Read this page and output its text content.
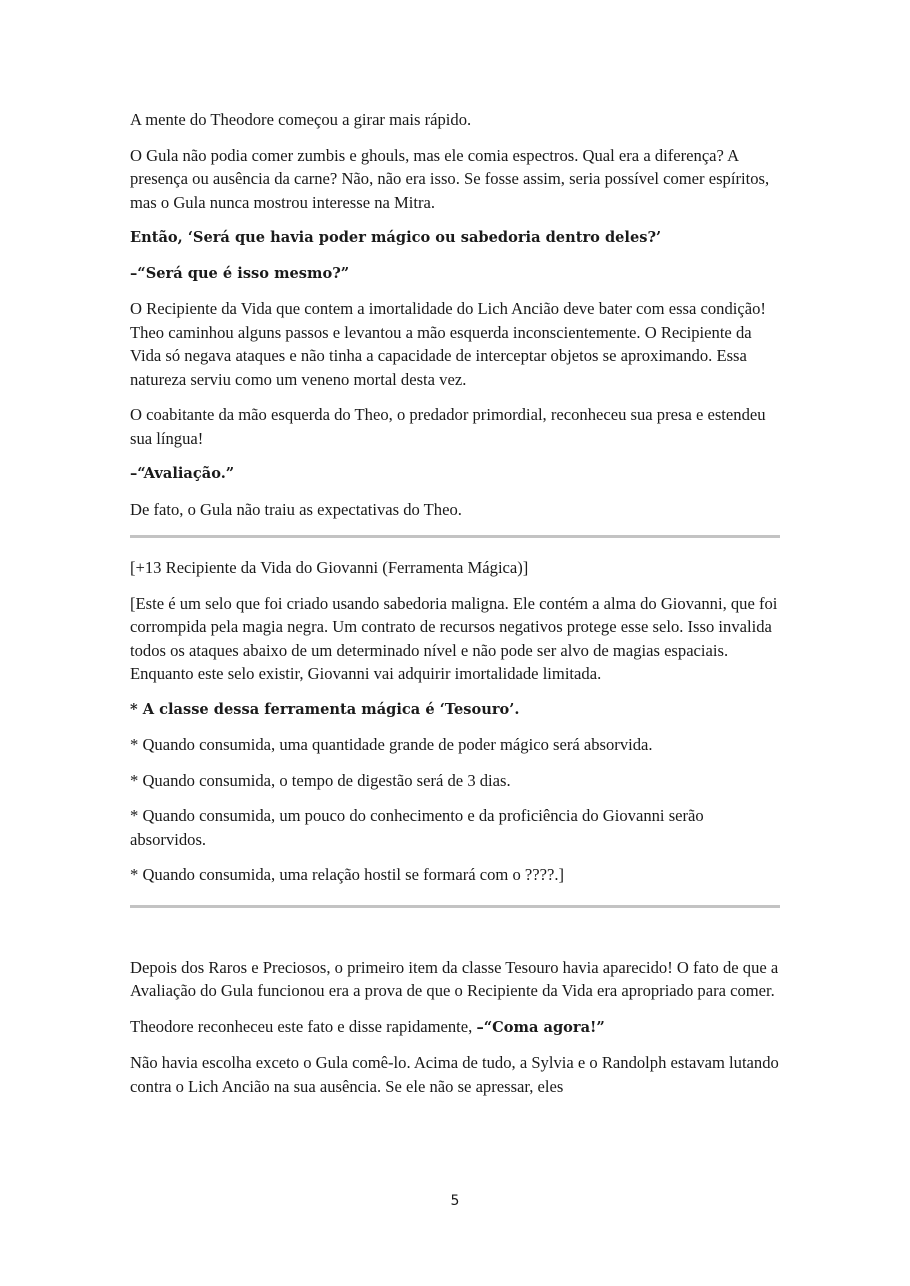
A mente do Theodore começou a girar mais rápido.

O Gula não podia comer zumbis e ghouls, mas ele comia espectros. Qual era a diferença? A presença ou ausência da carne? Não, não era isso. Se fosse assim, seria possível comer espíritos, mas o Gula nunca mostrou interesse na Mitra.

Então, ‘Será que havia poder mágico ou sabedoria dentro deles?’

–“Será que é isso mesmo?”

O Recipiente da Vida que contem a imortalidade do Lich Ancião deve bater com essa condição! Theo caminhou alguns passos e levantou a mão esquerda inconscientemente. O Recipiente da Vida só negava ataques e não tinha a capacidade de interceptar objetos se aproximando. Essa natureza serviu como um veneno mortal desta vez.

O coabitante da mão esquerda do Theo, o predador primordial, reconheceu sua presa e estendeu sua língua!

–“Avaliação.”

De fato, o Gula não traiu as expectativas do Theo.

[+13 Recipiente da Vida do Giovanni (Ferramenta Mágica)]

[Este é um selo que foi criado usando sabedoria maligna. Ele contém a alma do Giovanni, que foi corrompida pela magia negra. Um contrato de recursos negativos protege esse selo. Isso invalida todos os ataques abaixo de um determinado nível e não pode ser alvo de magias espaciais. Enquanto este selo existir, Giovanni vai adquirir imortalidade limitada.

* A classe dessa ferramenta mágica é ‘Tesouro’.

* Quando consumida, uma quantidade grande de poder mágico será absorvida.

* Quando consumida, o tempo de digestão será de 3 dias.

* Quando consumida, um pouco do conhecimento e da proficiência do Giovanni serão absorvidos.

* Quando consumida, uma relação hostil se formará com o ????.]

Depois dos Raros e Preciosos, o primeiro item da classe Tesouro havia aparecido! O fato de que a Avaliação do Gula funcionou era a prova de que o Recipiente da Vida era apropriado para comer.

Theodore reconheceu este fato e disse rapidamente, –“Coma agora!”

Não havia escolha exceto o Gula comê-lo. Acima de tudo, a Sylvia e o Randolph estavam lutando contra o Lich Ancião na sua ausência. Se ele não se apressar, eles

5
